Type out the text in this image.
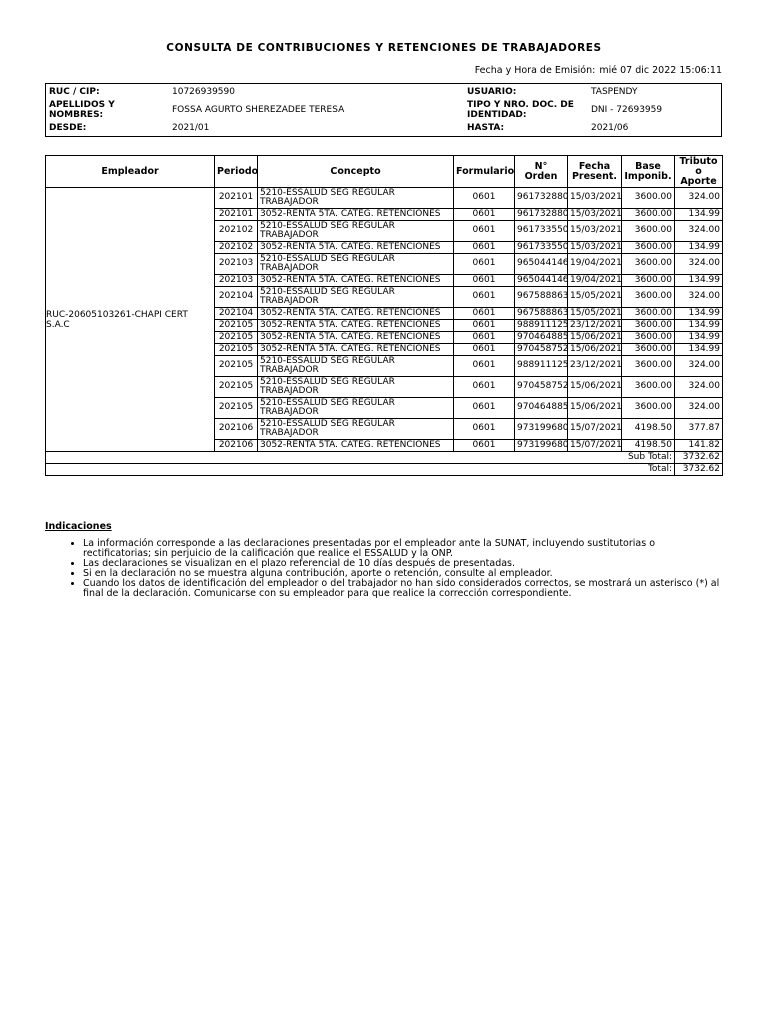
CONSULTA DE CONTRIBUCIONES Y RETENCIONES DE TRABAJADORES
Fecha y Hora de Emisión: mié 07 dic 2022 15:06:11
RUC / CIP:	10726939590	USUARIO:	TASPENDY
APELLIDOS Y NOMBRES:	FOSSA AGURTO SHEREZADEE TERESA	TIPO Y NRO. DOC. DE IDENTIDAD:	DNI - 72693959
DESDE:	2021/01	HASTA:	2021/06
Empleador	Periodo	Concepto	Formulario	N° Orden	Fecha Present.	Base Imponib.	Tributo o Aporte
RUC-20605103261-CHAPI CERT S.A.C	202101	5210-ESSALUD SEG REGULAR TRABAJADOR	0601	961732880	15/03/2021	3600.00	324.00
	202101	3052-RENTA 5TA. CATEG. RETENCIONES	0601	961732880	15/03/2021	3600.00	134.99
	202102	5210-ESSALUD SEG REGULAR TRABAJADOR	0601	961733550	15/03/2021	3600.00	324.00
	202102	3052-RENTA 5TA. CATEG. RETENCIONES	0601	961733550	15/03/2021	3600.00	134.99
	202103	5210-ESSALUD SEG REGULAR TRABAJADOR	0601	965044146	19/04/2021	3600.00	324.00
	202103	3052-RENTA 5TA. CATEG. RETENCIONES	0601	965044146	19/04/2021	3600.00	134.99
	202104	5210-ESSALUD SEG REGULAR TRABAJADOR	0601	967588863	15/05/2021	3600.00	324.00
	202104	3052-RENTA 5TA. CATEG. RETENCIONES	0601	967588863	15/05/2021	3600.00	134.99
	202105	3052-RENTA 5TA. CATEG. RETENCIONES	0601	988911125	23/12/2021	3600.00	134.99
	202105	3052-RENTA 5TA. CATEG. RETENCIONES	0601	970464885	15/06/2021	3600.00	134.99
	202105	3052-RENTA 5TA. CATEG. RETENCIONES	0601	970458752	15/06/2021	3600.00	134.99
	202105	5210-ESSALUD SEG REGULAR TRABAJADOR	0601	988911125	23/12/2021	3600.00	324.00
	202105	5210-ESSALUD SEG REGULAR TRABAJADOR	0601	970458752	15/06/2021	3600.00	324.00
	202105	5210-ESSALUD SEG REGULAR TRABAJADOR	0601	970464885	15/06/2021	3600.00	324.00
	202106	5210-ESSALUD SEG REGULAR TRABAJADOR	0601	973199680	15/07/2021	4198.50	377.87
	202106	3052-RENTA 5TA. CATEG. RETENCIONES	0601	973199680	15/07/2021	4198.50	141.82
Sub Total:							3732.62
Total:							3732.62
Indicaciones
• La información corresponde a las declaraciones presentadas por el empleador ante la SUNAT, incluyendo sustitutorias o rectificatorias; sin perjuicio de la calificación que realice el ESSALUD y la ONP.
• Las declaraciones se visualizan en el plazo referencial de 10 días después de presentadas.
• Si en la declaración no se muestra alguna contribución, aporte o retención, consulte al empleador.
• Cuando los datos de identificación del empleador o del trabajador no han sido considerados correctos, se mostrará un asterisco (*) al final de la declaración. Comunicarse con su empleador para que realice la corrección correspondiente.
